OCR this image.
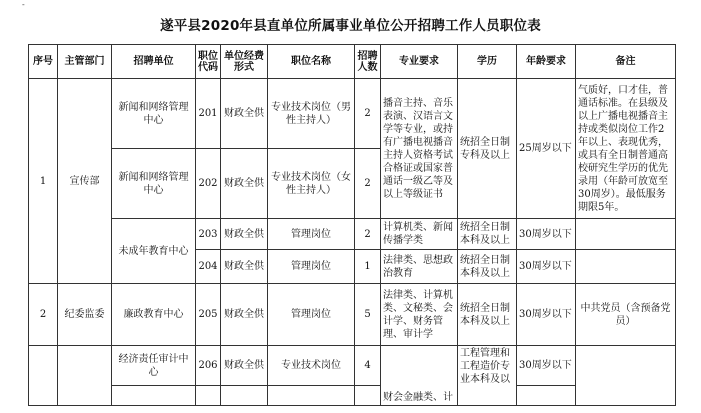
-
遂平县2020年县直单位所属事业单位公开招聘工作人员职位表
序号	主管部门	招聘单位	职位代码	单位经费形式	职位名称	招聘人数	专业要求	学历	年龄要求	备注
1	宣传部	新闻和网络管理中心	201	财政全供	专业技术岗位（男性主持人）	2	播音主持、音乐表演、汉语言文学等专业，或持有广播电视播音主持人资格考试合格证或国家普通话一级乙等及以上等级证书	统招全日制专科及以上	25周岁以下	气质好，口才佳，普通话标准。在县级及以上广播电视播音主持或类似岗位工作2年以上、表现优秀，或具有全日制普通高校研究生学历的优先录用（年龄可放宽至30周岁）。最低服务期限5年。
		新闻和网络管理中心	202	财政全供	专业技术岗位（女性主持人）	2				
		未成年教育中心	203	财政全供	管理岗位	2	计算机类、新闻传播学类	统招全日制本科及以上	30周岁以下	
			204	财政全供	管理岗位	1	法律类、思想政治教育	统招全日制本科及以上	30周岁以下	
2	纪委监委	廉政教育中心	205	财政全供	管理岗位	5	法律类、计算机类、文秘类、会计学、财务管理、审计学	统招全日制本科及以上	30周岁以下	中共党员（含预备党员）
		经济责任审计中心	206	财政全供	专业技术岗位	4	财会金融类、计	工程管理和工程造价专业本科及以	30周岁以下	
